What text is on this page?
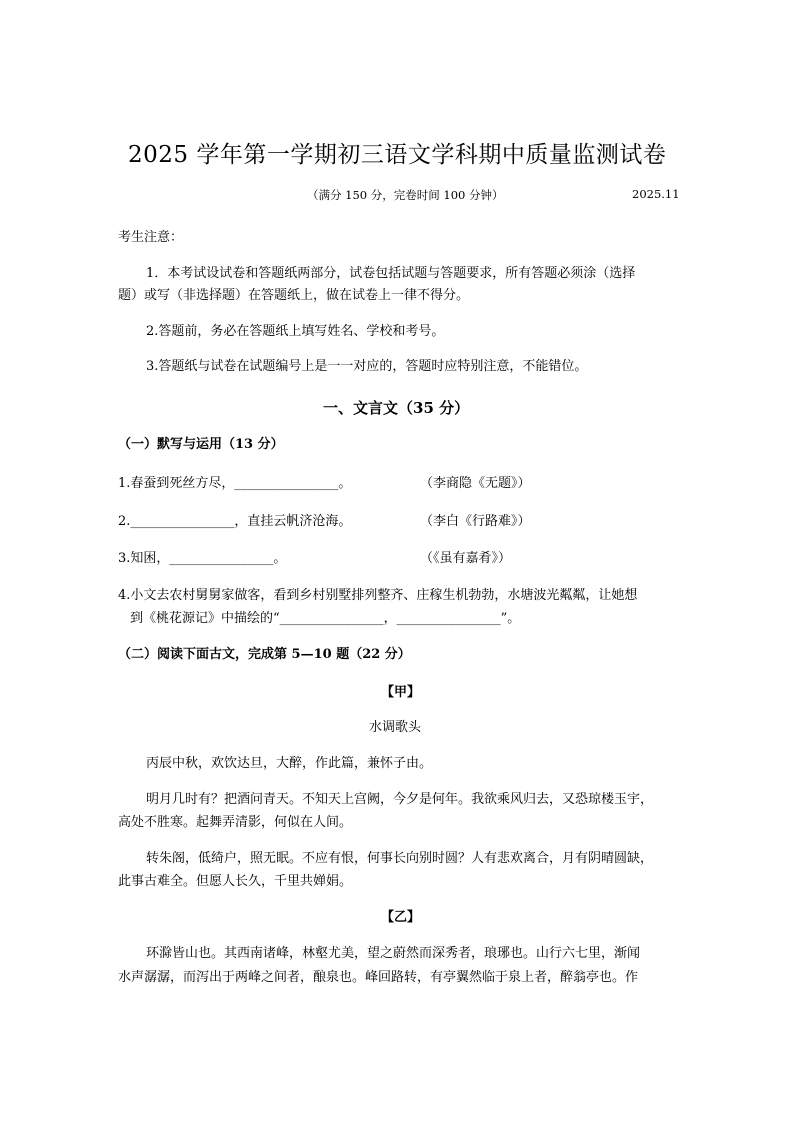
2025 学年第一学期初三语文学科期中质量监测试卷
（满分 150 分，完卷时间 100 分钟）	2025.11
考生注意：
1．本考试设试卷和答题纸两部分，试卷包括试题与答题要求，所有答题必须涂（选择
题）或写（非选择题）在答题纸上，做在试卷上一律不得分。
2.答题前，务必在答题纸上填写姓名、学校和考号。
3.答题纸与试卷在试题编号上是一一对应的，答题时应特别注意，不能错位。
一、文言文（35 分）
（一）默写与运用（13 分）
1.春蚕到死丝方尽，________________。	（李商隐《无题》）
2.________________，直挂云帆济沧海。	（李白《行路难》）
3.知困，________________。	（《虽有嘉肴》）
4.小文去农村舅舅家做客，看到乡村别墅排列整齐、庄稼生机勃勃，水塘波光粼粼，让她想
到《桃花源记》中描绘的“________________，________________”。
（二）阅读下面古文，完成第 5—10 题（22 分）
【甲】
水调歌头
丙辰中秋，欢饮达旦，大醉，作此篇，兼怀子由。
明月几时有？把酒问青天。不知天上宫阙，今夕是何年。我欲乘风归去，又恐琼楼玉宇，
高处不胜寒。起舞弄清影，何似在人间。
转朱阁，低绮户，照无眠。不应有恨，何事长向别时圆？人有悲欢离合，月有阴晴圆缺，
此事古难全。但愿人长久，千里共婵娟。
【乙】
环滁皆山也。其西南诸峰，林壑尤美，望之蔚然而深秀者，琅琊也。山行六七里，渐闻
水声潺潺，而泻出于两峰之间者，酿泉也。峰回路转，有亭翼然临于泉上者，醉翁亭也。作
